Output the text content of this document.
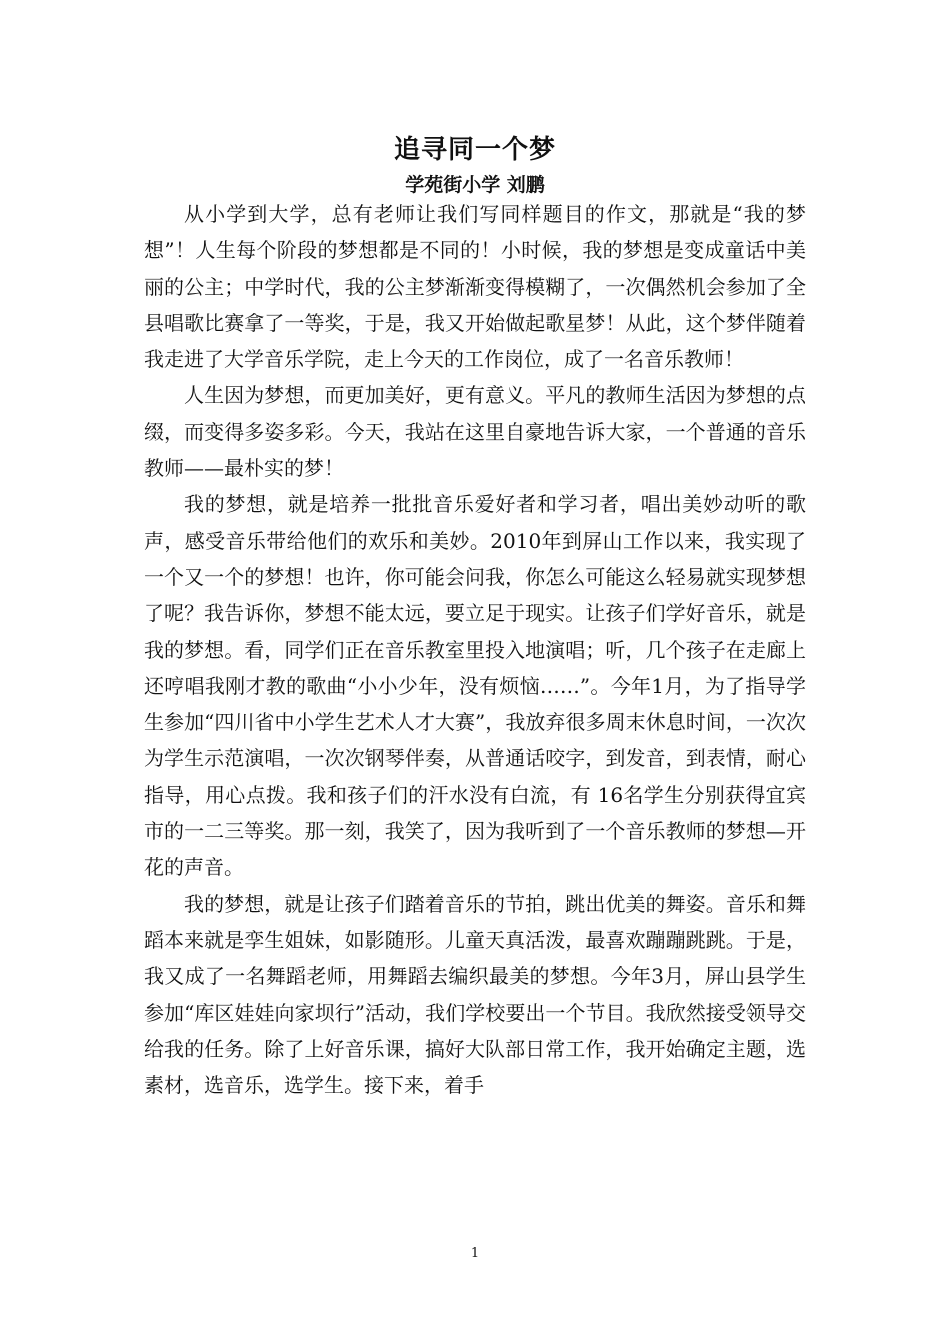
追寻同一个梦
学苑街小学 刘鹏

从小学到大学，总有老师让我们写同样题目的作文，那就是“我的梦想”！人生每个阶段的梦想都是不同的！小时候，我的梦想是变成童话中美丽的公主；中学时代，我的公主梦渐渐变得模糊了，一次偶然机会参加了全县唱歌比赛拿了一等奖，于是，我又开始做起歌星梦！从此，这个梦伴随着我走进了大学音乐学院，走上今天的工作岗位，成了一名音乐教师！

人生因为梦想，而更加美好，更有意义。平凡的教师生活因为梦想的点缀，而变得多姿多彩。今天，我站在这里自豪地告诉大家，一个普通的音乐教师——最朴实的梦！

我的梦想，就是培养一批批音乐爱好者和学习者，唱出美妙动听的歌声，感受音乐带给他们的欢乐和美妙。2010年到屏山工作以来，我实现了一个又一个的梦想！也许，你可能会问我，你怎么可能这么轻易就实现梦想了呢？我告诉你，梦想不能太远，要立足于现实。让孩子们学好音乐，就是我的梦想。看，同学们正在音乐教室里投入地演唱；听，几个孩子在走廊上还哼唱我刚才教的歌曲“小小少年，没有烦恼……”。今年1月，为了指导学生参加“四川省中小学生艺术人才大赛”，我放弃很多周末休息时间，一次次为学生示范演唱，一次次钢琴伴奏，从普通话咬字，到发音，到表情，耐心指导，用心点拨。我和孩子们的汗水没有白流，有 16名学生分别获得宜宾市的一二三等奖。那一刻，我笑了，因为我听到了一个音乐教师的梦想—开花的声音。

我的梦想，就是让孩子们踏着音乐的节拍，跳出优美的舞姿。音乐和舞蹈本来就是孪生姐妹，如影随形。儿童天真活泼，最喜欢蹦蹦跳跳。于是，我又成了一名舞蹈老师，用舞蹈去编织最美的梦想。今年3月，屏山县学生参加“库区娃娃向家坝行”活动，我们学校要出一个节目。我欣然接受领导交给我的任务。除了上好音乐课，搞好大队部日常工作，我开始确定主题，选素材，选音乐，选学生。接下来，着手

1
